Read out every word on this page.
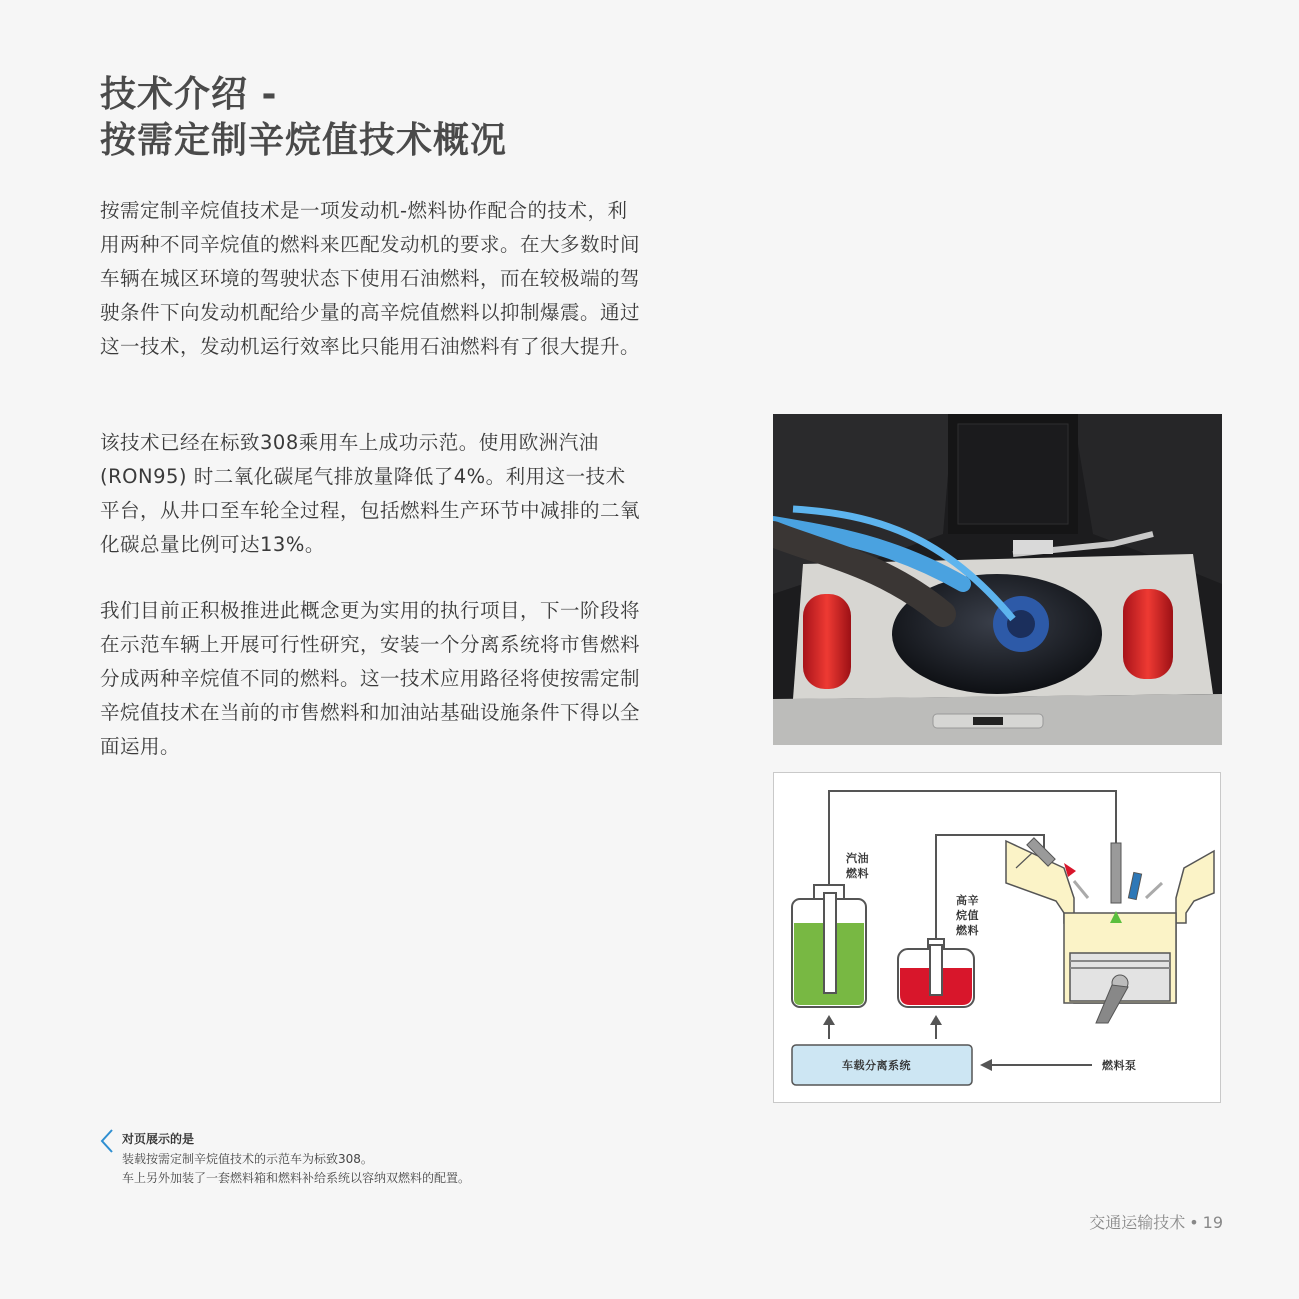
技术介绍 -
按需定制辛烷值技术概况

按需定制辛烷值技术是一项发动机-燃料协作配合的技术，利用两种不同辛烷值的燃料来匹配发动机的要求。在大多数时间车辆在城区环境的驾驶状态下使用石油燃料，而在较极端的驾驶条件下向发动机配给少量的高辛烷值燃料以抑制爆震。通过这一技术，发动机运行效率比只能用石油燃料有了很大提升。

该技术已经在标致308乘用车上成功示范。使用欧洲汽油 (RON95) 时二氧化碳尾气排放量降低了4%。利用这一技术平台，从井口至车轮全过程，包括燃料生产环节中减排的二氧化碳总量比例可达13%。

我们目前正积极推进此概念更为实用的执行项目，下一阶段将在示范车辆上开展可行性研究，安装一个分离系统将市售燃料分成两种辛烷值不同的燃料。这一技术应用路径将使按需定制辛烷值技术在当前的市售燃料和加油站基础设施条件下得以全面运用。

汽油
燃料
高辛
烷值
燃料
车载分离系统	燃料泵
对页展示的是
装载按需定制辛烷值技术的示范车为标致308。
车上另外加装了一套燃料箱和燃料补给系统以容纳双燃料的配置。
交通运输技术 • 19
